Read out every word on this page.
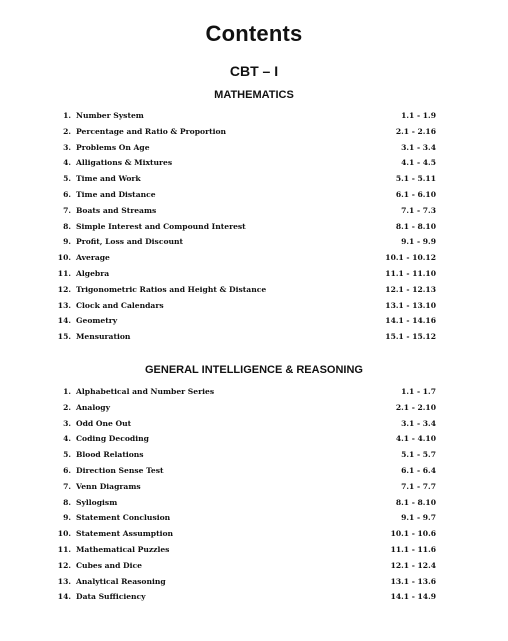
Contents
CBT – I
MATHEMATICS
1. Number System	1.1 - 1.9
2. Percentage and Ratio & Proportion	2.1 - 2.16
3. Problems On Age	3.1 - 3.4
4. Alligations & Mixtures	4.1 - 4.5
5. Time and Work	5.1 - 5.11
6. Time and Distance	6.1 - 6.10
7. Boats and Streams	7.1 - 7.3
8. Simple Interest and Compound Interest	8.1 - 8.10
9. Profit, Loss and Discount	9.1 - 9.9
10. Average	10.1 - 10.12
11. Algebra	11.1 - 11.10
12. Trigonometric Ratios and Height & Distance	12.1 - 12.13
13. Clock and Calendars	13.1 - 13.10
14. Geometry	14.1 - 14.16
15. Mensuration	15.1 - 15.12
GENERAL INTELLIGENCE & REASONING
1. Alphabetical and Number Series	1.1 - 1.7
2. Analogy	2.1 - 2.10
3. Odd One Out	3.1 - 3.4
4. Coding Decoding	4.1 - 4.10
5. Blood Relations	5.1 - 5.7
6. Direction Sense Test	6.1 - 6.4
7. Venn Diagrams	7.1 - 7.7
8. Syllogism	8.1 - 8.10
9. Statement Conclusion	9.1 - 9.7
10. Statement Assumption	10.1 - 10.6
11. Mathematical Puzzles	11.1 - 11.6
12. Cubes and Dice	12.1 - 12.4
13. Analytical Reasoning	13.1 - 13.6
14. Data Sufficiency	14.1 - 14.9
